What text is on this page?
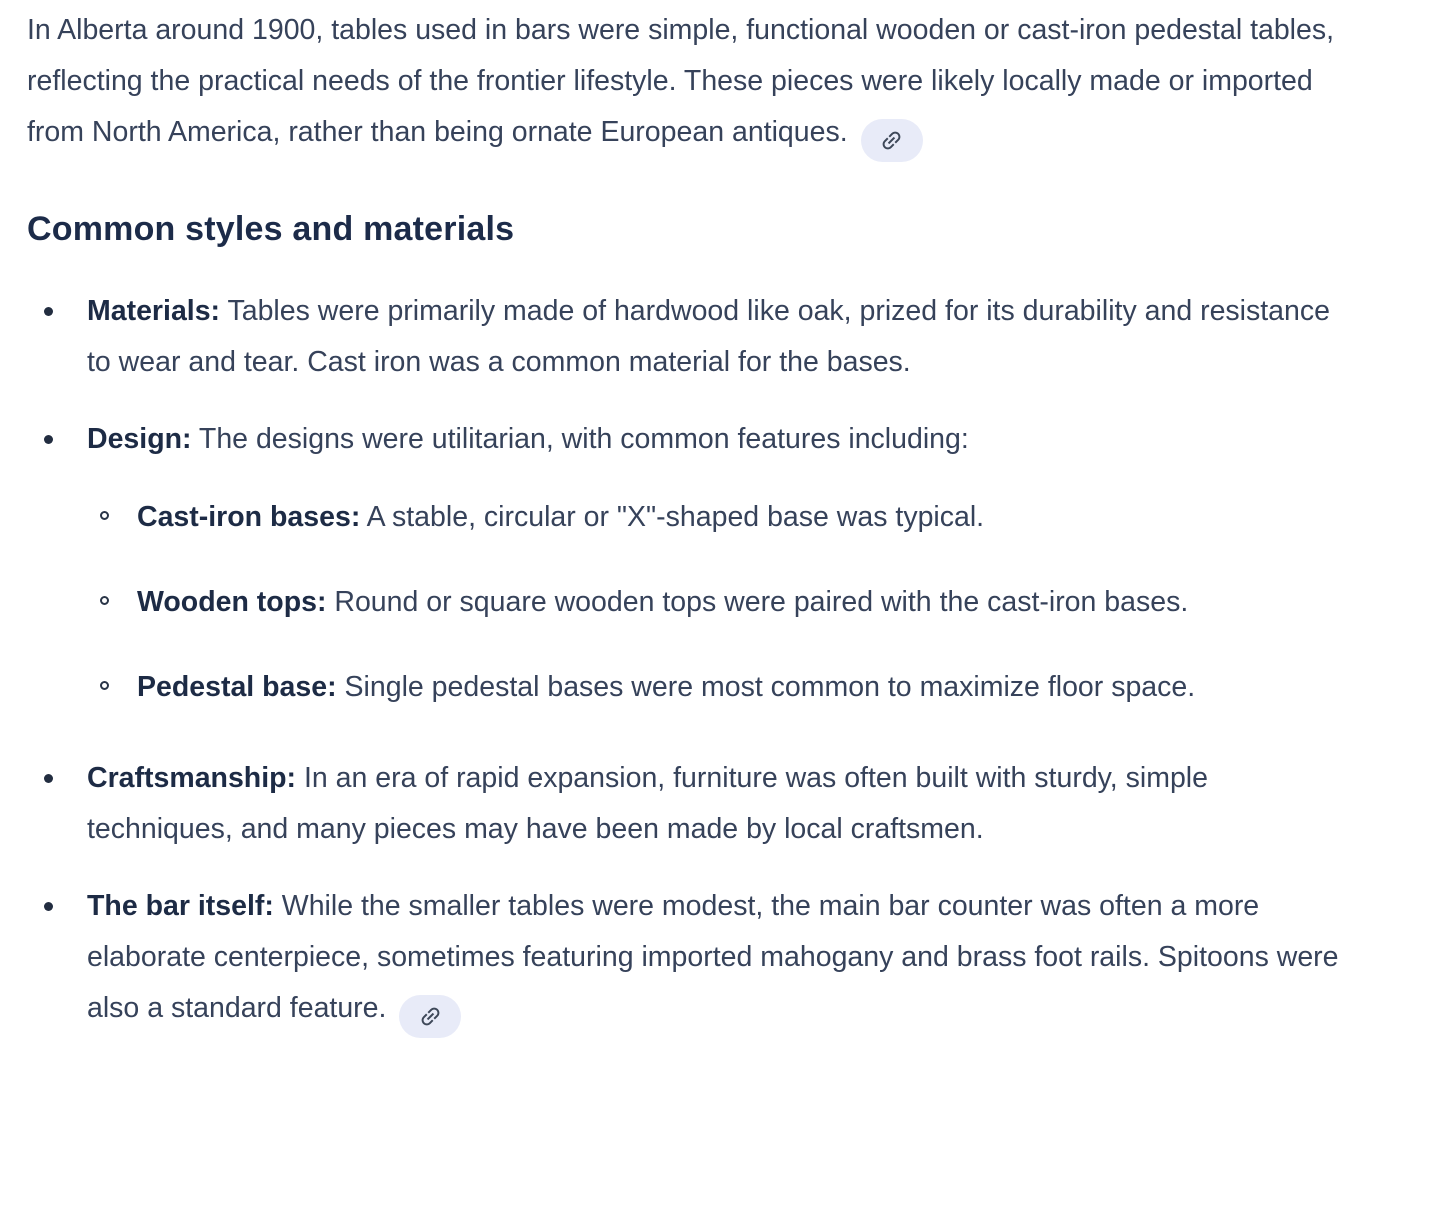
In Alberta around 1900, tables used in bars were simple, functional wooden or cast-iron pedestal tables, reflecting the practical needs of the frontier lifestyle. These pieces were likely locally made or imported from North America, rather than being ornate European antiques.

Common styles and materials
Materials: Tables were primarily made of hardwood like oak, prized for its durability and resistance to wear and tear. Cast iron was a common material for the bases.
Design: The designs were utilitarian, with common features including:
Cast-iron bases: A stable, circular or "X"-shaped base was typical.
Wooden tops: Round or square wooden tops were paired with the cast-iron bases.
Pedestal base: Single pedestal bases were most common to maximize floor space.
Craftsmanship: In an era of rapid expansion, furniture was often built with sturdy, simple techniques, and many pieces may have been made by local craftsmen.
The bar itself: While the smaller tables were modest, the main bar counter was often a more elaborate centerpiece, sometimes featuring imported mahogany and brass foot rails. Spitoons were also a standard feature.
